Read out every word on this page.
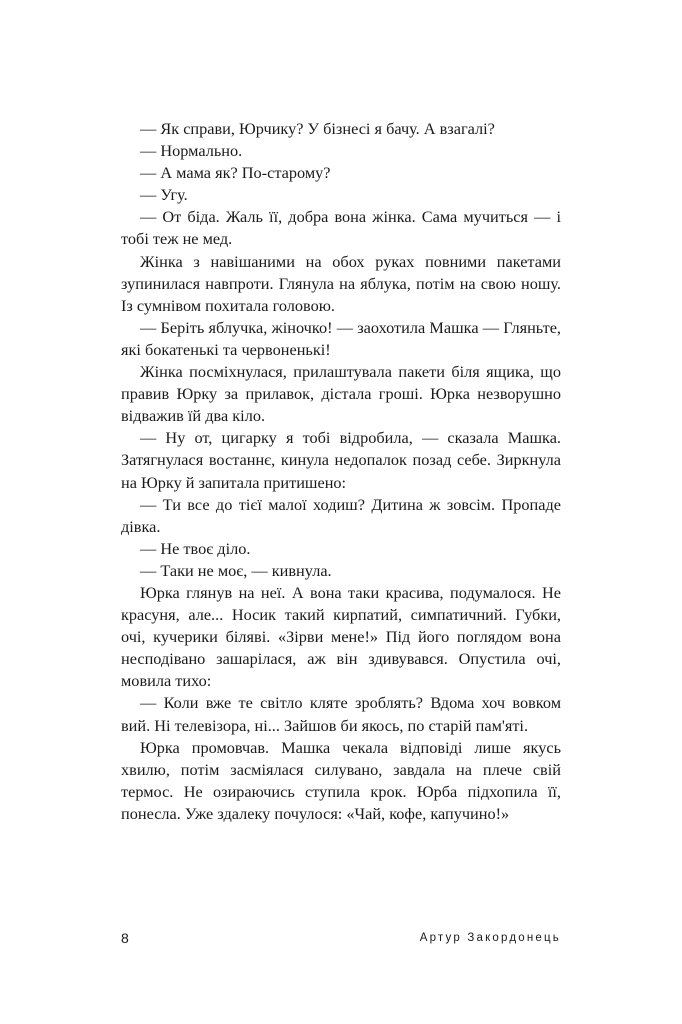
— Як справи, Юрчику? У бізнесі я бачу. А взагалі?

— Нормально.

— А мама як? По-старому?

— Угу.

— От біда. Жаль її, добра вона жінка. Сама мучиться — і тобі теж не мед.

Жінка з навішаними на обох руках повними пакетами зупинилася навпроти. Глянула на яблука, потім на свою ношу. Із сумнівом похитала головою.

— Беріть яблучка, жіночко! — заохотила Машка — Гляньте, які бокатенькі та червоненькі!

Жінка посміхнулася, прилаштувала пакети біля ящика, що правив Юрку за прилавок, дістала гроші. Юрка незворушно відважив їй два кіло.

— Ну от, цигарку я тобі відробила, — сказала Машка. Затягнулася востаннє, кинула недопалок позад себе. Зиркнула на Юрку й запитала притишено:

— Ти все до тієї малої ходиш? Дитина ж зовсім. Пропаде дівка.

— Не твоє діло.

— Таки не моє, — кивнула.

Юрка глянув на неї. А вона таки красива, подумалося. Не красуня, але... Носик такий кирпатий, симпатичний. Губки, очі, кучерики біляві. «Зірви мене!» Під його поглядом вона несподівано зашарілася, аж він здивувався. Опустила очі, мовила тихо:

— Коли вже те світло кляте зроблять? Вдома хоч вовком вий. Ні телевізора, ні... Зайшов би якось, по старій пам'яті.

Юрка промовчав. Машка чекала відповіді лише якусь хвилю, потім засміялася силувано, завдала на плече свій термос. Не озираючись ступила крок. Юрба підхопила її, понесла. Уже здалеку почулося: «Чай, кофе, капучино!»

8	Артур Закордонець
